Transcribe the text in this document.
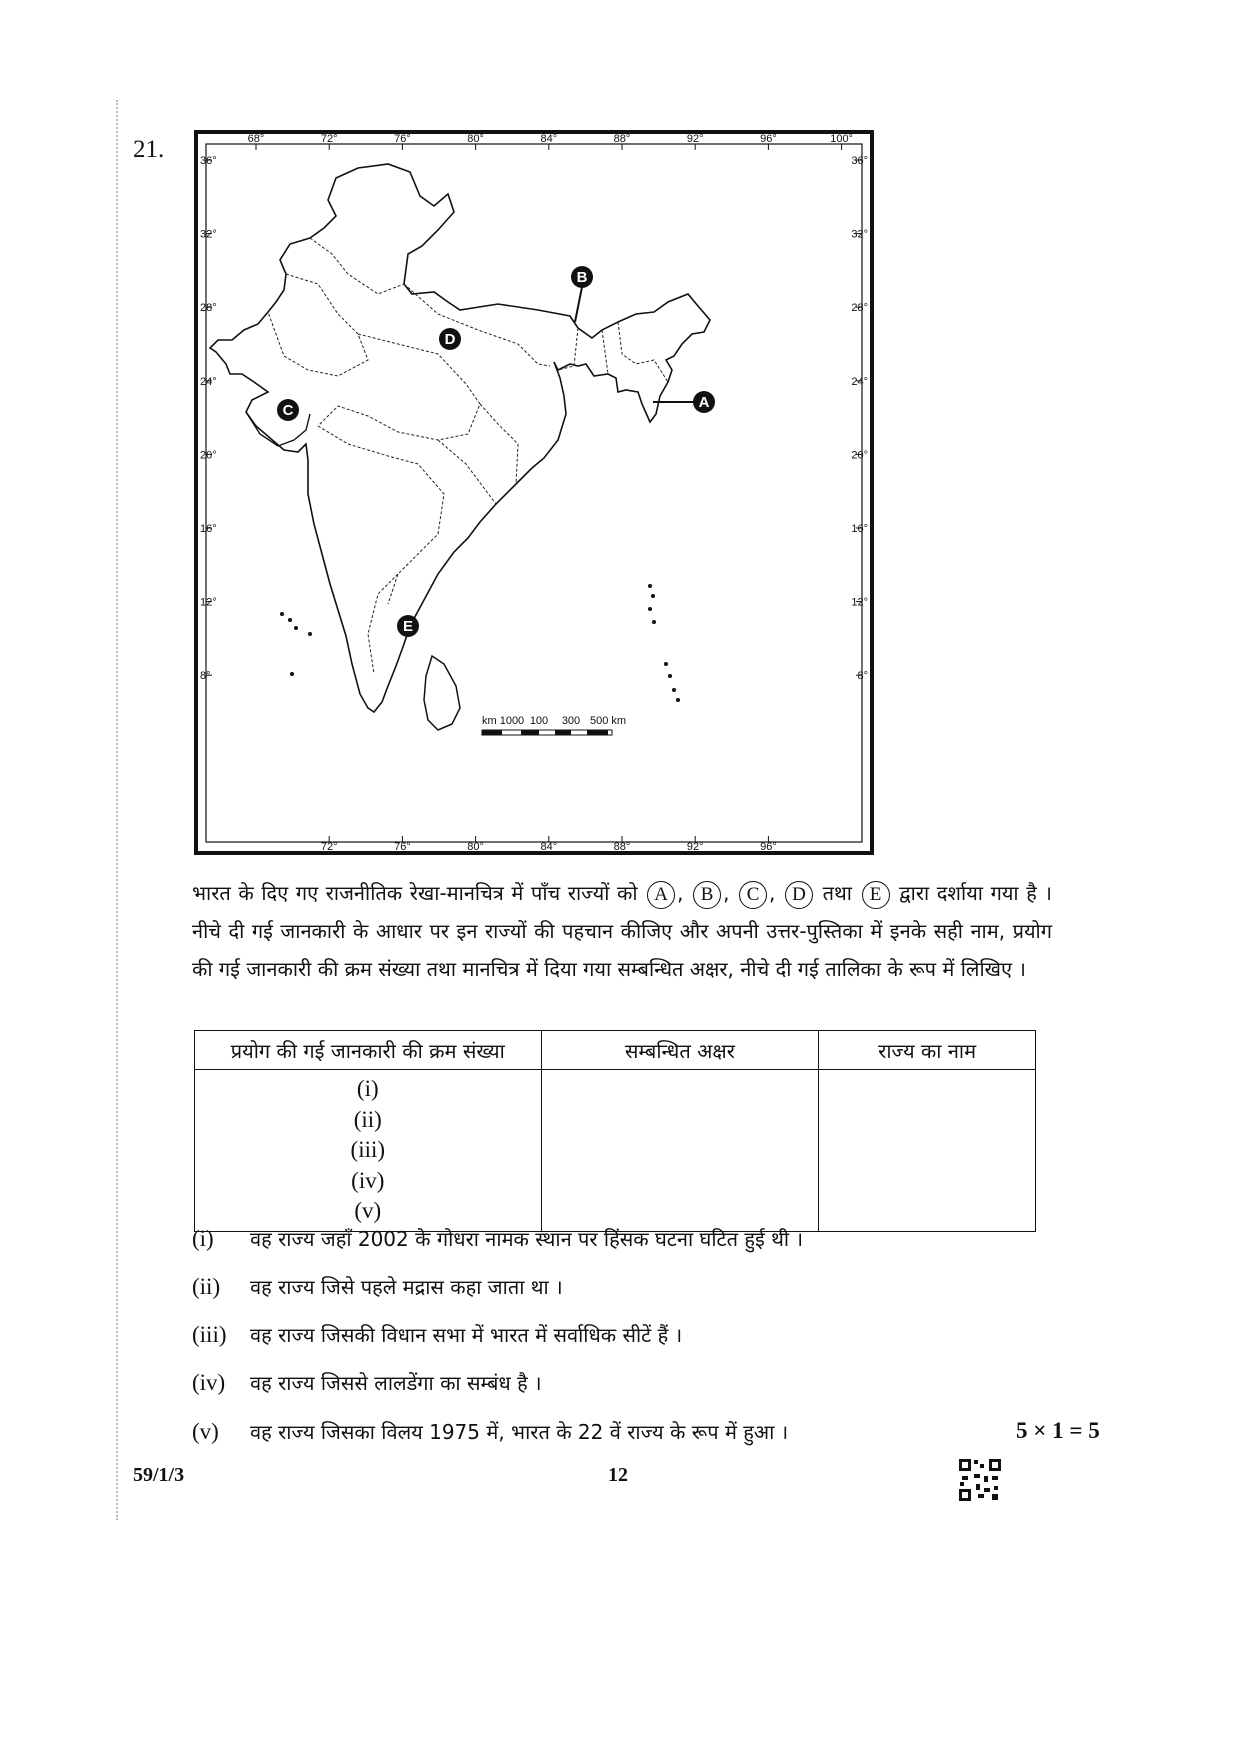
21.	68°	72°	76°	80°	84°	88°	92°	96°	100°
72°	76°	80°	84°	88°	92°	96°
36°	36°
32°	32°
28°	28°
24°	24°
20°	20°
16°	16°
12°	12°
8°	8°
A
B
C
D
E
km 100 0 100 300 500 km
भारत के दिए गए राजनीतिक रेखा-मानचित्र में पाँच राज्यों को A , B , C , D तथा E द्वारा दर्शाया गया है । नीचे दी गई जानकारी के आधार पर इन राज्यों की पहचान कीजिए और अपनी उत्तर-पुस्तिका में इनके सही नाम, प्रयोग की गई जानकारी की क्रम संख्या तथा मानचित्र में दिया गया सम्बन्धित अक्षर, नीचे दी गई तालिका के रूप में लिखिए ।
प्रयोग की गई जानकारी की क्रम संख्या	सम्बन्धित अक्षर	राज्य का नाम

(i)
(ii)
(iii)
(iv)
(v)		

(i) वह राज्य जहाँ 2002 के गोधरा नामक स्थान पर हिंसक घटना घटित हुई थी ।
(ii) वह राज्य जिसे पहले मद्रास कहा जाता था ।
(iii) वह राज्य जिसकी विधान सभा में भारत में सर्वाधिक सीटें हैं ।
(iv) वह राज्य जिससे लालडेंगा का सम्बंध है ।
(v) वह राज्य जिसका विलय 1975 में, भारत के 22 वें राज्य के रूप में हुआ ।	5 × 1 = 5
59/1/3	12
